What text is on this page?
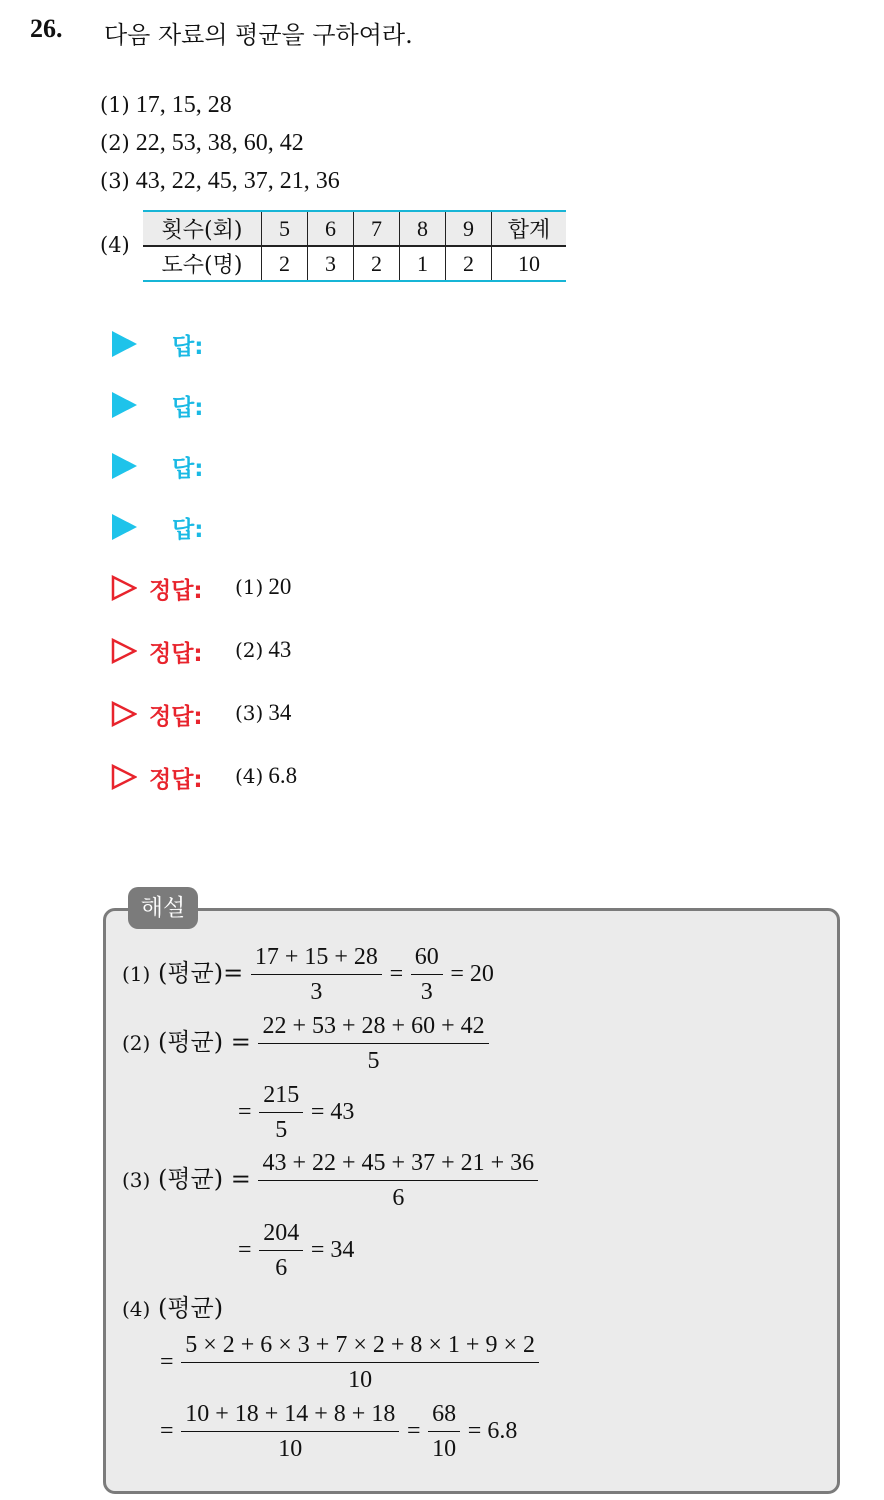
26. 다음 자료의 평균을 구하여라.
(1) 17, 15, 28
(2) 22, 53, 38, 60, 42
(3) 43, 22, 45, 37, 21, 36
(4)
횟수(회)	5	6	7	8	9	합계
도수(명)	2	3	2	1	2	10
답:
답:
답:
답:
정답: (1) 20
정답: (2) 43
정답: (3) 34
정답: (4) 6.8
해설
(1) (평균)= $\frac{17 + 15 + 28}{3} = \frac{60}{3} = 20$
(2) (평균) = $\frac{22 + 53 + 28 + 60 + 42}{5}$
= $\frac{215}{5} = 43$
(3) (평균) = $\frac{43 + 22 + 45 + 37 + 21 + 36}{6}$
= $\frac{204}{6} = 34$
(4) (평균)
= $\frac{5 \times 2 + 6 \times 3 + 7 \times 2 + 8 \times 1 + 9 \times 2}{10}$
= $\frac{10 + 18 + 14 + 8 + 18}{10} = \frac{68}{10} = 6.8$
